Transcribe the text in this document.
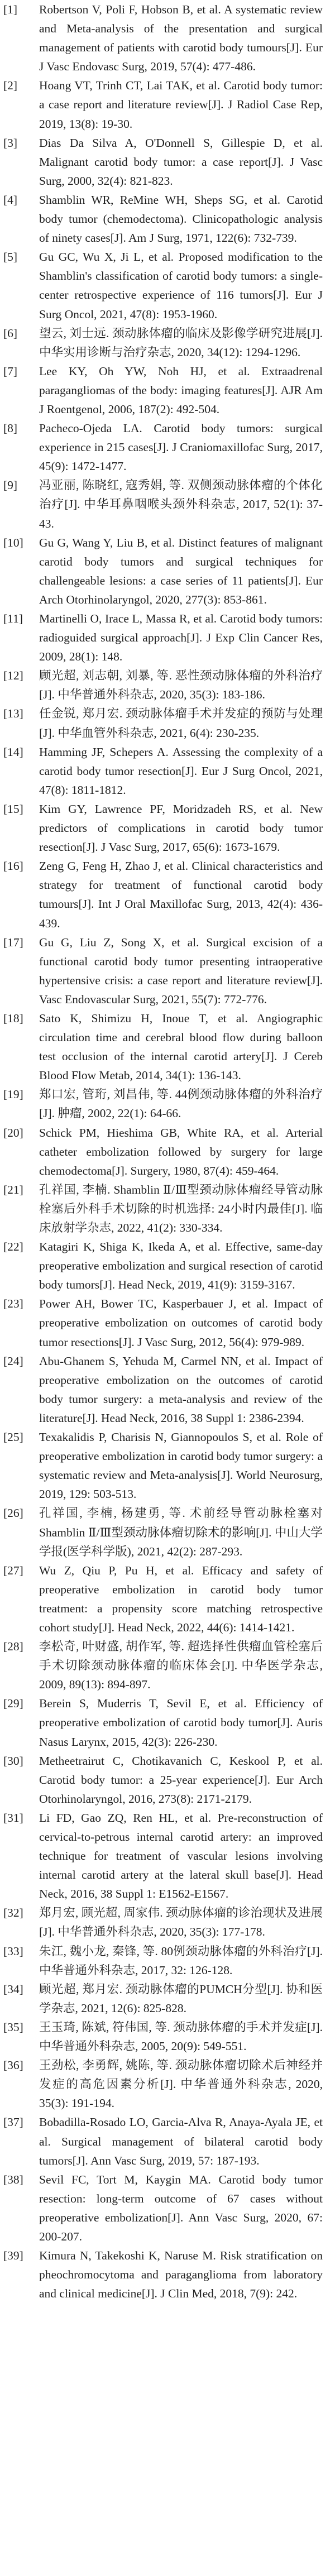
[1]	Robertson V, Poli F, Hobson B, et al. A systematic review and Meta-analysis of the presentation and surgical management of patients with carotid body tumours[J]. Eur J Vasc Endovasc Surg, 2019, 57(4): 477-486.
[2]	Hoang VT, Trinh CT, Lai TAK, et al. Carotid body tumor: a case report and literature review[J]. J Radiol Case Rep, 2019, 13(8): 19-30.
[3]	Dias Da Silva A, O'Donnell S, Gillespie D, et al. Malignant carotid body tumor: a case report[J]. J Vasc Surg, 2000, 32(4): 821-823.
[4]	Shamblin WR, ReMine WH, Sheps SG, et al. Carotid body tumor (chemodectoma). Clinicopathologic analysis of ninety cases[J]. Am J Surg, 1971, 122(6): 732-739.
[5]	Gu GC, Wu X, Ji L, et al. Proposed modification to the Shamblin's classification of carotid body tumors: a single-center retrospective experience of 116 tumors[J]. Eur J Surg Oncol, 2021, 47(8): 1953-1960.
[6]	望云, 刘士远. 颈动脉体瘤的临床及影像学研究进展[J]. 中华实用诊断与治疗杂志, 2020, 34(12): 1294-1296.
[7]	Lee KY, Oh YW, Noh HJ, et al. Extraadrenal paragangliomas of the body: imaging features[J]. AJR Am J Roentgenol, 2006, 187(2): 492-504.
[8]	Pacheco-Ojeda LA. Carotid body tumors: surgical experience in 215 cases[J]. J Craniomaxillofac Surg, 2017, 45(9): 1472-1477.
[9]	冯亚丽, 陈晓红, 寇秀娟, 等. 双侧颈动脉体瘤的个体化治疗[J]. 中华耳鼻咽喉头颈外科杂志, 2017, 52(1): 37-43.
[10]	Gu G, Wang Y, Liu B, et al. Distinct features of malignant carotid body tumors and surgical techniques for challengeable lesions: a case series of 11 patients[J]. Eur Arch Otorhinolaryngol, 2020, 277(3): 853-861.
[11]	Martinelli O, Irace L, Massa R, et al. Carotid body tumors: radioguided surgical approach[J]. J Exp Clin Cancer Res, 2009, 28(1): 148.
[12]	顾光超, 刘志朝, 刘暴, 等. 恶性颈动脉体瘤的外科治疗[J]. 中华普通外科杂志, 2020, 35(3): 183-186.
[13]	任金锐, 郑月宏. 颈动脉体瘤手术并发症的预防与处理[J]. 中华血管外科杂志, 2021, 6(4): 230-235.
[14]	Hamming JF, Schepers A. Assessing the complexity of a carotid body tumor resection[J]. Eur J Surg Oncol, 2021, 47(8): 1811-1812.
[15]	Kim GY, Lawrence PF, Moridzadeh RS, et al. New predictors of complications in carotid body tumor resection[J]. J Vasc Surg, 2017, 65(6): 1673-1679.
[16]	Zeng G, Feng H, Zhao J, et al. Clinical characteristics and strategy for treatment of functional carotid body tumours[J]. Int J Oral Maxillofac Surg, 2013, 42(4): 436-439.
[17]	Gu G, Liu Z, Song X, et al. Surgical excision of a functional carotid body tumor presenting intraoperative hypertensive crisis: a case report and literature review[J]. Vasc Endovascular Surg, 2021, 55(7): 772-776.
[18]	Sato K, Shimizu H, Inoue T, et al. Angiographic circulation time and cerebral blood flow during balloon test occlusion of the internal carotid artery[J]. J Cereb Blood Flow Metab, 2014, 34(1): 136-143.
[19]	郑口宏, 管珩, 刘昌伟, 等. 44例颈动脉体瘤的外科治疗[J]. 肿瘤, 2002, 22(1): 64-66.
[20]	Schick PM, Hieshima GB, White RA, et al. Arterial catheter embolization followed by surgery for large chemodectoma[J]. Surgery, 1980, 87(4): 459-464.
[21]	孔祥国, 李楠. Shamblin Ⅱ/Ⅲ型颈动脉体瘤经导管动脉栓塞后外科手术切除的时机选择: 24小时内最佳[J]. 临床放射学杂志, 2022, 41(2): 330-334.
[22]	Katagiri K, Shiga K, Ikeda A, et al. Effective, same-day preoperative embolization and surgical resection of carotid body tumors[J]. Head Neck, 2019, 41(9): 3159-3167.
[23]	Power AH, Bower TC, Kasperbauer J, et al. Impact of preoperative embolization on outcomes of carotid body tumor resections[J]. J Vasc Surg, 2012, 56(4): 979-989.
[24]	Abu-Ghanem S, Yehuda M, Carmel NN, et al. Impact of preoperative embolization on the outcomes of carotid body tumor surgery: a meta-analysis and review of the literature[J]. Head Neck, 2016, 38 Suppl 1: 2386-2394.
[25]	Texakalidis P, Charisis N, Giannopoulos S, et al. Role of preoperative embolization in carotid body tumor surgery: a systematic review and Meta-analysis[J]. World Neurosurg, 2019, 129: 503-513.
[26]	孔祥国, 李楠, 杨建勇, 等. 术前经导管动脉栓塞对Shamblin Ⅱ/Ⅲ型颈动脉体瘤切除术的影响[J]. 中山大学学报(医学科学版), 2021, 42(2): 287-293.
[27]	Wu Z, Qiu P, Pu H, et al. Efficacy and safety of preoperative embolization in carotid body tumor treatment: a propensity score matching retrospective cohort study[J]. Head Neck, 2022, 44(6): 1414-1421.
[28]	李松奇, 叶财盛, 胡作军, 等. 超选择性供瘤血管栓塞后手术切除颈动脉体瘤的临床体会[J]. 中华医学杂志, 2009, 89(13): 894-897.
[29]	Berein S, Muderris T, Sevil E, et al. Efficiency of preoperative embolization of carotid body tumor[J]. Auris Nasus Larynx, 2015, 42(3): 226-230.
[30]	Metheetrairut C, Chotikavanich C, Keskool P, et al. Carotid body tumor: a 25-year experience[J]. Eur Arch Otorhinolaryngol, 2016, 273(8): 2171-2179.
[31]	Li FD, Gao ZQ, Ren HL, et al. Pre-reconstruction of cervical-to-petrous internal carotid artery: an improved technique for treatment of vascular lesions involving internal carotid artery at the lateral skull base[J]. Head Neck, 2016, 38 Suppl 1: E1562-E1567.
[32]	郑月宏, 顾光超, 周家伟. 颈动脉体瘤的诊治现状及进展[J]. 中华普通外科杂志, 2020, 35(3): 177-178.
[33]	朱江, 魏小龙, 秦锋, 等. 80例颈动脉体瘤的外科治疗[J]. 中华普通外科杂志, 2017, 32: 126-128.
[34]	顾光超, 郑月宏. 颈动脉体瘤的PUMCH分型[J]. 协和医学杂志, 2021, 12(6): 825-828.
[35]	王玉琦, 陈斌, 符伟国, 等. 颈动脉体瘤的手术并发症[J]. 中华普通外科杂志, 2005, 20(9): 549-551.
[36]	王劲松, 李勇辉, 姚陈, 等. 颈动脉体瘤切除术后神经并发症的高危因素分析[J]. 中华普通外科杂志, 2020, 35(3): 191-194.
[37]	Bobadilla-Rosado LO, Garcia-Alva R, Anaya-Ayala JE, et al. Surgical management of bilateral carotid body tumors[J]. Ann Vasc Surg, 2019, 57: 187-193.
[38]	Sevil FC, Tort M, Kaygin MA. Carotid body tumor resection: long-term outcome of 67 cases without preoperative embolization[J]. Ann Vasc Surg, 2020, 67: 200-207.
[39]	Kimura N, Takekoshi K, Naruse M. Risk stratification on pheochromocytoma and paraganglioma from laboratory and clinical medicine[J]. J Clin Med, 2018, 7(9): 242.
